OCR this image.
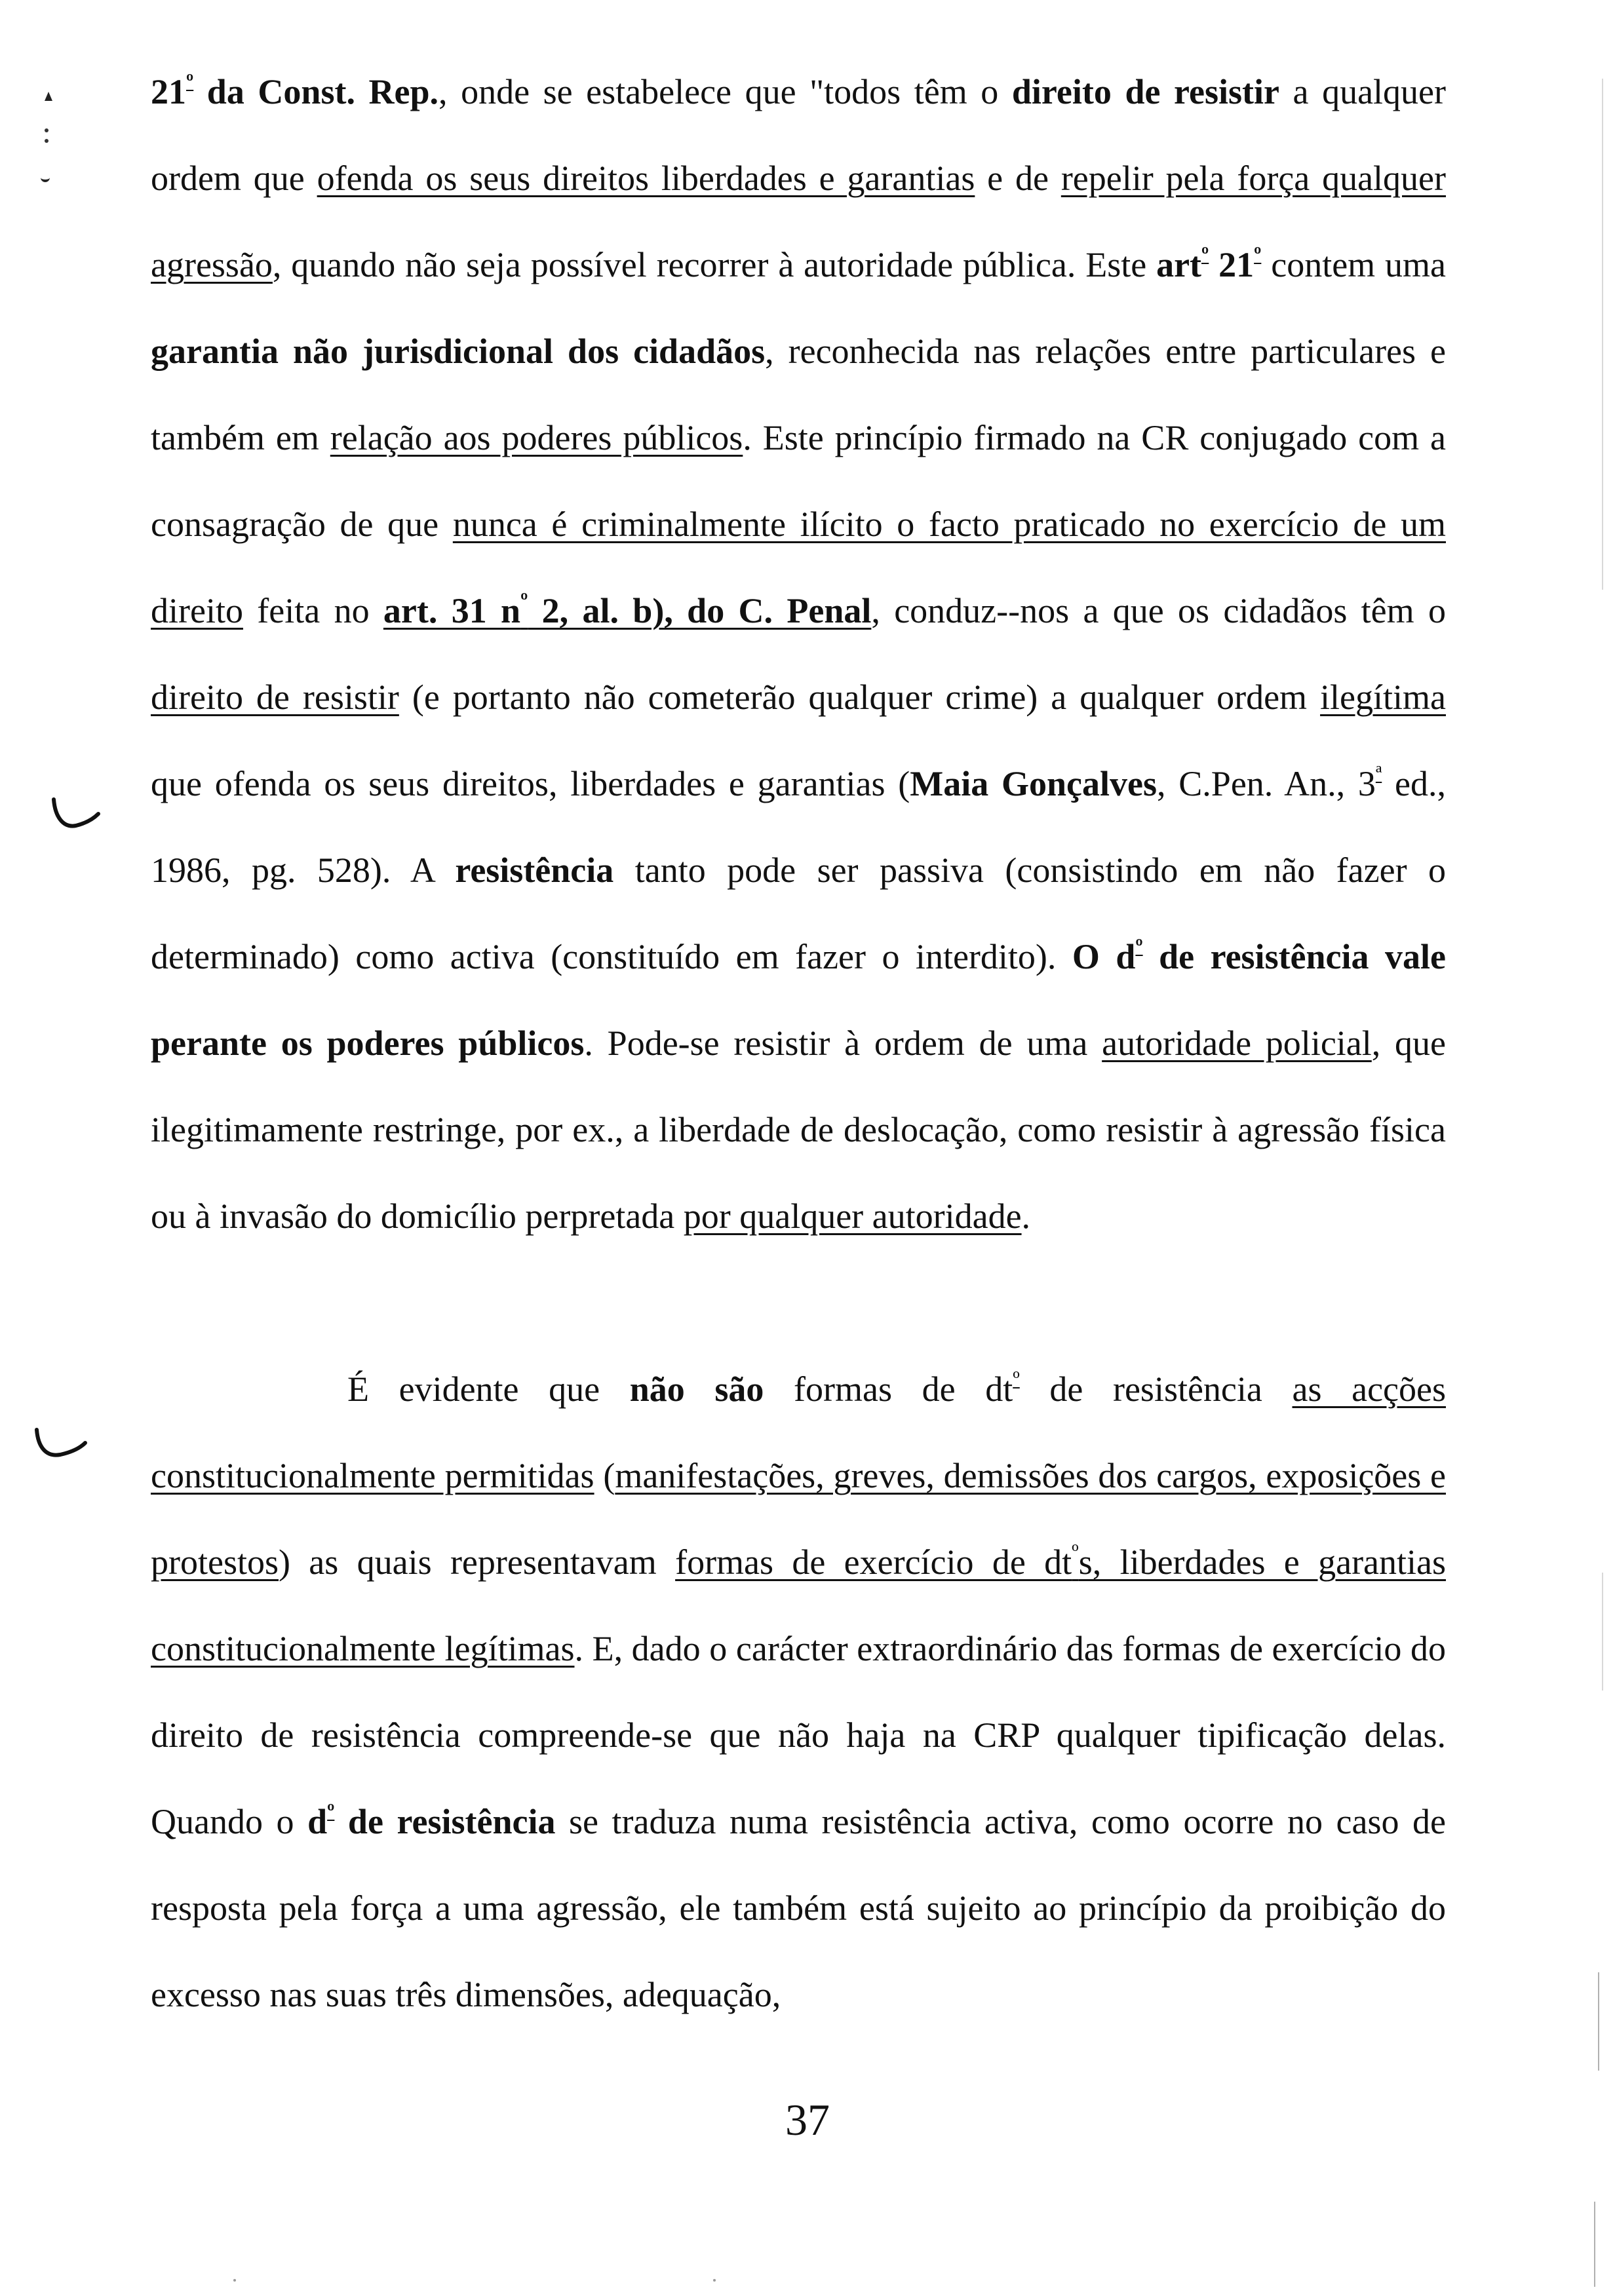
$21^º$ da Const. Rep., onde se estabelece que "todos têm o direito de resistir a qualquer ordem que ofenda os seus direitos liberdades e garantias e de repelir pela força qualquer agressão, quando não seja possível recorrer à autoridade pública. Este art$^º$ $21^º$ contem uma garantia não jurisdicional dos cidadãos, reconhecida nas relações entre particulares e também em relação aos poderes públicos. Este princípio firmado na CR conjugado com a consagração de que nunca é criminalmente ilícito o facto praticado no exercício de um direito feita no art. 31 $n^º$ 2, al. b), do C. Penal, conduz--nos a que os cidadãos têm o direito de resistir (e portanto não cometerão qualquer crime) a qualquer ordem ilegítima que ofenda os seus direitos, liberdades e garantias (Maia Gonçalves, C.Pen. An., $3^ª$ ed., 1986, pg. 528). A resistência tanto pode ser passiva (consistindo em não fazer o determinado) como activa (constituído em fazer o interdito). O $d^º$ de resistência vale perante os poderes públicos. Pode-se resistir à ordem de uma autoridade policial, que ilegitimamente restringe, por ex., a liberdade de deslocação, como resistir à agressão física ou à invasão do domicílio perpretada por qualquer autoridade.

É evidente que não são formas de $dt^º$ de resistência as acções constitucionalmente permitidas (manifestações, greves, demissões dos cargos, exposições e protestos) as quais representavam formas de exercício de $dt^ºs$, liberdades e garantias constitucionalmente legítimas. E, dado o carácter extraordinário das formas de exercício do direito de resistência compreende-se que não haja na CRP qualquer tipificação delas. Quando o $d^º$ de resistência se traduza numa resistência activa, como ocorre no caso de resposta pela força a uma agressão, ele também está sujeito ao princípio da proibição do excesso nas suas três dimensões, adequação,

37
